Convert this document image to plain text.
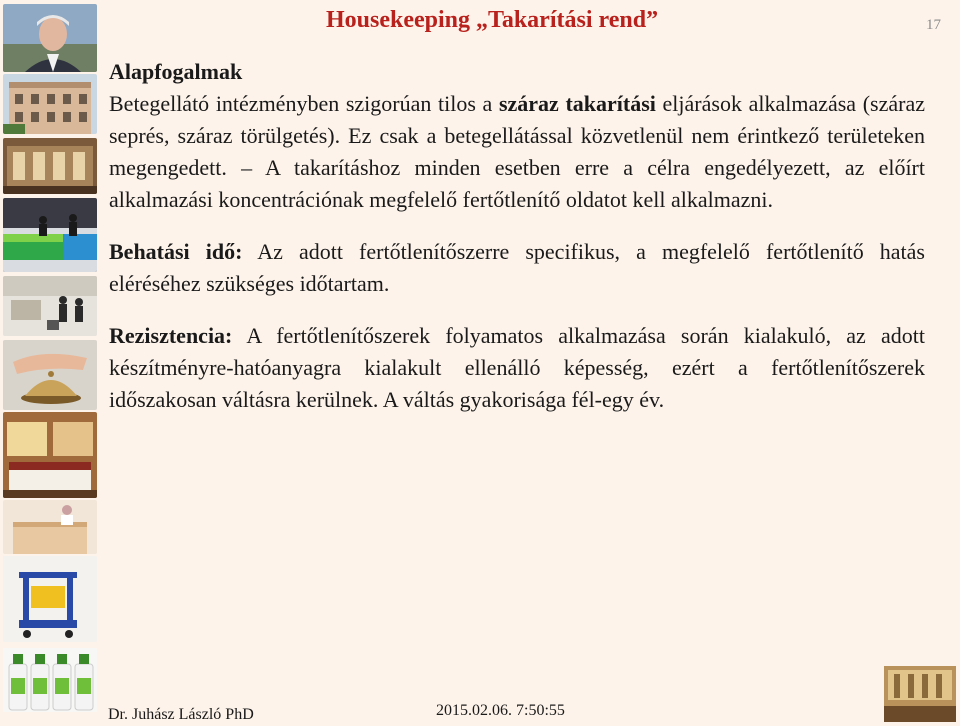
Housekeeping „Takarítási rend”	17
Alapfogalmak

Betegellátó intézményben szigorúan tilos a száraz takarítási eljárások alkalmazása (száraz seprés, száraz törülgetés). Ez csak a betegellátással közvetlenül nem érintkező területeken megengedett. – A takarításhoz minden esetben erre a célra engedélyezett, az előírt alkalmazási koncentrációnak megfelelő fertőtlenítő oldatot kell alkalmazni.

Behatási idő: Az adott fertőtlenítőszerre specifikus, a megfelelő fertőtlenítő hatás eléréséhez szükséges időtartam.

Rezisztencia: A fertőtlenítőszerek folyamatos alkalmazása során kialakuló, az adott készítményre-hatóanyagra kialakult ellenálló képesség, ezért a fertőtlenítőszerek időszakosan váltásra kerülnek. A váltás gyakorisága fél-egy év.

Dr. Juhász László PhD	2015.02.06. 7:50:55
